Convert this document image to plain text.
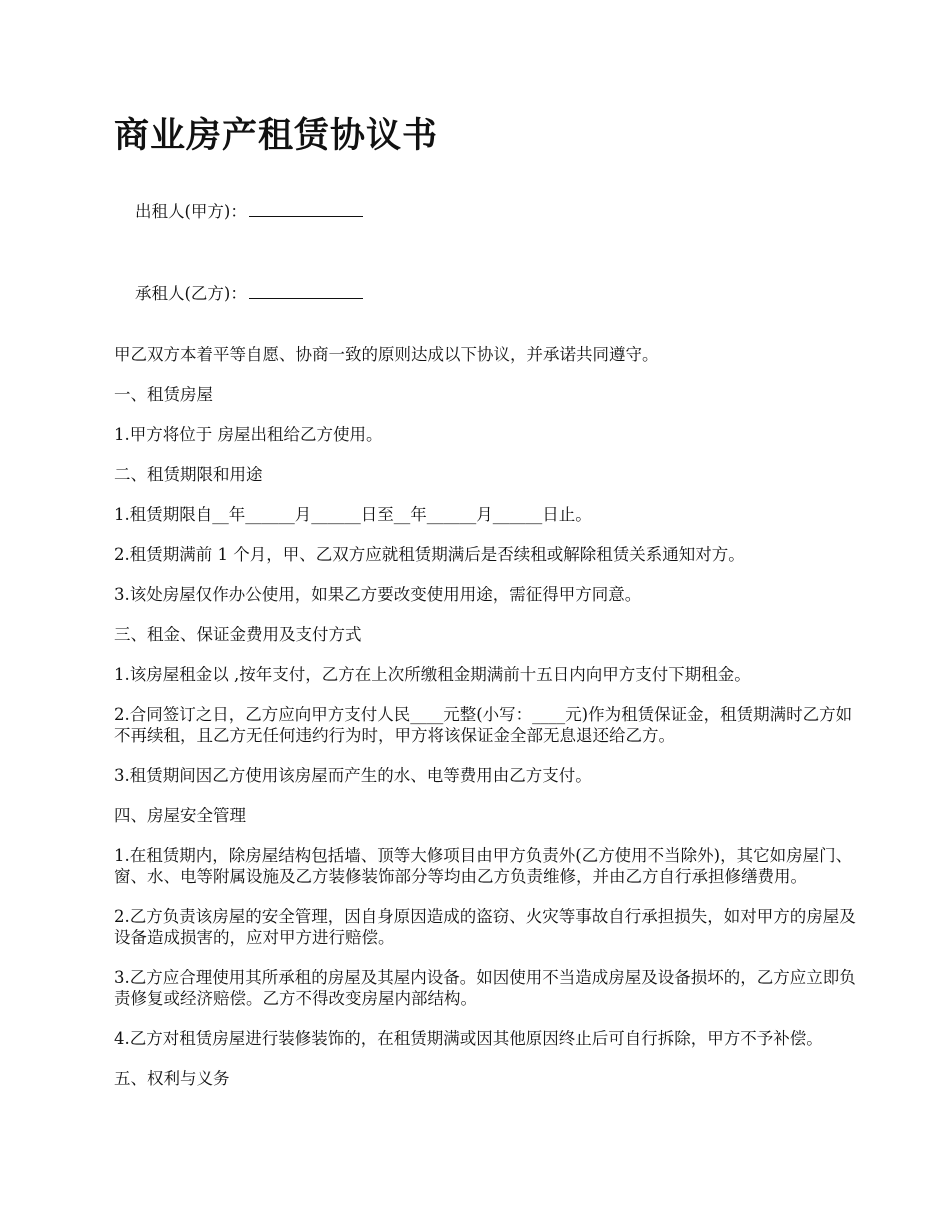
商业房产租赁协议书

出租人(甲方)：

承租人(乙方)：

甲乙双方本着平等自愿、协商一致的原则达成以下协议，并承诺共同遵守。

一、租赁房屋

1.甲方将位于 房屋出租给乙方使用。

二、租赁期限和用途

1.租赁期限自__年______月______日至__年______月______日止。

2.租赁期满前 1 个月，甲、乙双方应就租赁期满后是否续租或解除租赁关系通知对方。

3.该处房屋仅作办公使用，如果乙方要改变使用用途，需征得甲方同意。

三、租金、保证金费用及支付方式

1.该房屋租金以 ,按年支付，乙方在上次所缴租金期满前十五日内向甲方支付下期租金。

2.合同签订之日，乙方应向甲方支付人民____元整(小写：____元)作为租赁保证金，租赁期满时乙方如不再续租，且乙方无任何违约行为时，甲方将该保证金全部无息退还给乙方。

3.租赁期间因乙方使用该房屋而产生的水、电等费用由乙方支付。

四、房屋安全管理

1.在租赁期内，除房屋结构包括墙、顶等大修项目由甲方负责外(乙方使用不当除外)，其它如房屋门、窗、水、电等附属设施及乙方装修装饰部分等均由乙方负责维修，并由乙方自行承担修缮费用。

2.乙方负责该房屋的安全管理，因自身原因造成的盗窃、火灾等事故自行承担损失，如对甲方的房屋及设备造成损害的，应对甲方进行赔偿。

3.乙方应合理使用其所承租的房屋及其屋内设备。如因使用不当造成房屋及设备损坏的，乙方应立即负责修复或经济赔偿。乙方不得改变房屋内部结构。

4.乙方对租赁房屋进行装修装饰的，在租赁期满或因其他原因终止后可自行拆除，甲方不予补偿。

五、权利与义务
